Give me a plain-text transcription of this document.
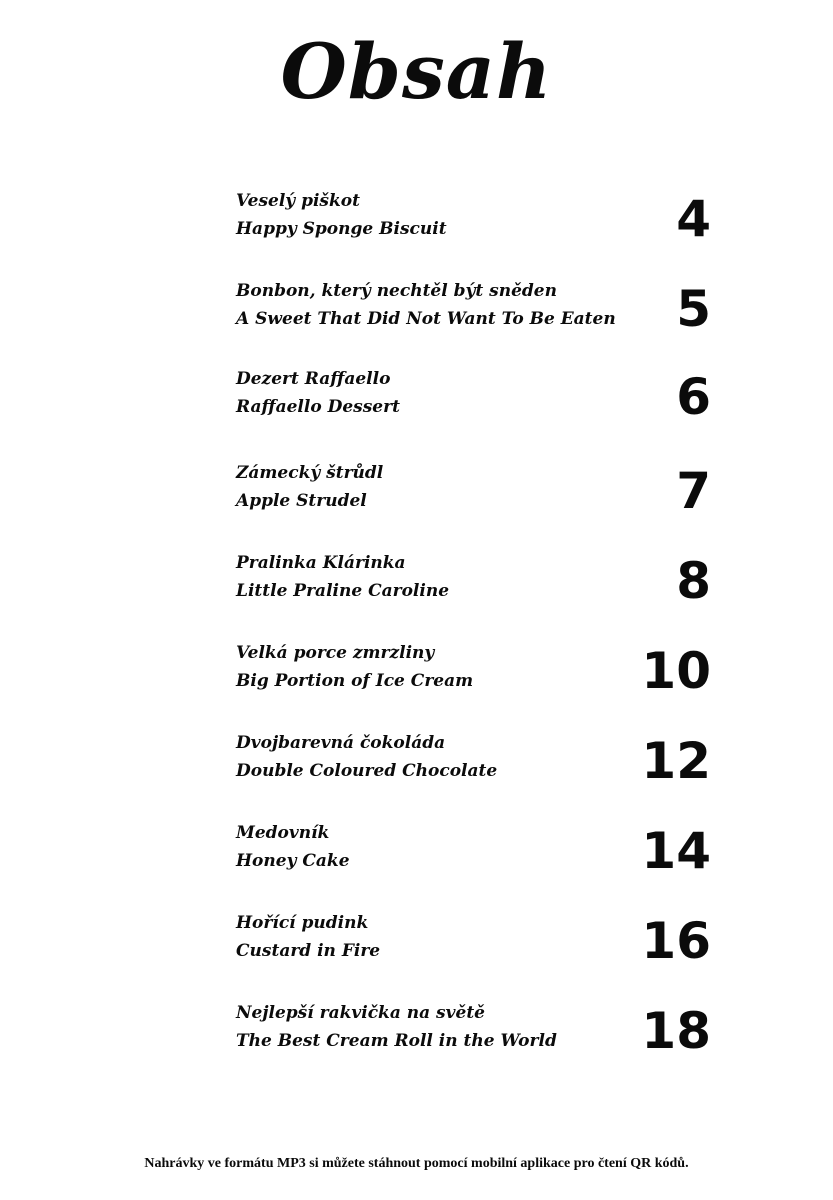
Obsah
Veselý piškot
Happy Sponge Biscuit	4
Bonbon, který nechtěl být sněden
A Sweet That Did Not Want To Be Eaten 5
Dezert Raffaello
Raffaello Dessert	6
Zámecký štrůdl
Apple Strudel	7
Pralinka Klárinka
Little Praline Caroline	8
Velká porce zmrzliny
Big Portion of Ice Cream	10
Dvojbarevná čokoláda
Double Coloured Chocolate	12
Medovník
Honey Cake	14
Hořící pudink
Custard in Fire	16
Nejlepší rakvička na světě
The Best Cream Roll in the World 18
Nahrávky ve formátu MP3 si můžete stáhnout pomocí mobilní aplikace pro čtení QR kódů.
